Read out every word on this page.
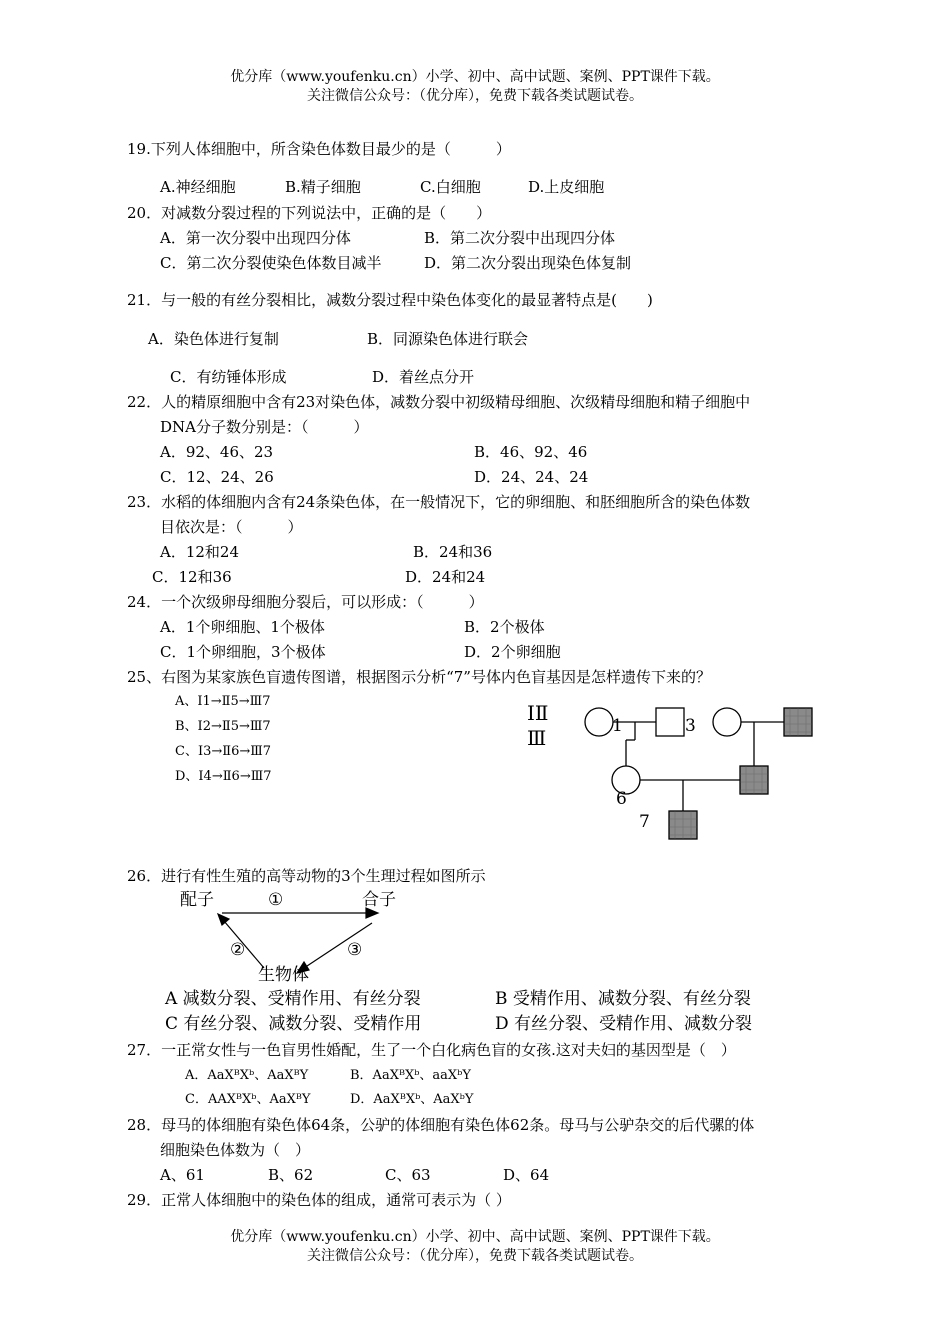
优分库（www.youfenku.cn）小学、初中、高中试题、案例、PPT课件下载。
关注微信公众号：（优分库），免费下载各类试题试卷。
19.下列人体细胞中，所含染色体数目最少的是（　　　）
A.神经细胞	B.精子细胞	C.白细胞	D.上皮细胞
20．对减数分裂过程的下列说法中，正确的是（　　）
A．第一次分裂中出现四分体	B．第二次分裂中出现四分体
C．第二次分裂使染色体数目减半	D．第二次分裂出现染色体复制
21．与一般的有丝分裂相比，减数分裂过程中染色体变化的最显著特点是(　　)
A．染色体进行复制	B．同源染色体进行联会
C．有纺锤体形成	D．着丝点分开
22．人的精原细胞中含有23对染色体，减数分裂中初级精母细胞、次级精母细胞和精子细胞中
DNA分子数分别是：（　　　）
A．92、46、23	B．46、92、46
C．12、24、26	D．24、24、24
23．水稻的体细胞内含有24条染色体，在一般情况下，它的卵细胞、和胚细胞所含的染色体数
目依次是：（　　　）
A．12和24	B．24和36
C．12和36	D．24和24
24．一个次级卵母细胞分裂后，可以形成：（　　　）
A．1个卵细胞、1个极体	B．2个极体
C．1个卵细胞，3个极体	D．2个卵细胞
25、右图为某家族色盲遗传图谱，根据图示分析“7”号体内色盲基因是怎样遗传下来的？
A、Ⅰ1→Ⅱ5→Ⅲ7
B、Ⅰ2→Ⅱ5→Ⅲ7
C、Ⅰ3→Ⅱ6→Ⅲ7
D、Ⅰ4→Ⅱ6→Ⅲ7
ⅠⅡ
Ⅲ	1	3
6
7
26．进行有性生殖的高等动物的3个生理过程如图所示
配子	合子
生物体
①
②	③
A 减数分裂、受精作用、有丝分裂	B 受精作用、减数分裂、有丝分裂
C 有丝分裂、减数分裂、受精作用	D 有丝分裂、受精作用、减数分裂
27．一正常女性与一色盲男性婚配，生了一个白化病色盲的女孩.这对夫妇的基因型是（　）
A．AaXᴮXᵇ、AaXᴮY	B．AaXᴮXᵇ、aaXᵇY
C．AAXᴮXᵇ、AaXᴮY	D．AaXᴮXᵇ、AaXᵇY
28．母马的体细胞有染色体64条，公驴的体细胞有染色体62条。母马与公驴杂交的后代骡的体
细胞染色体数为（　）
A、61	B、62	C、63	D、64
29．正常人体细胞中的染色体的组成，通常可表示为（ ）
优分库（www.youfenku.cn）小学、初中、高中试题、案例、PPT课件下载。
关注微信公众号：（优分库），免费下载各类试题试卷。
